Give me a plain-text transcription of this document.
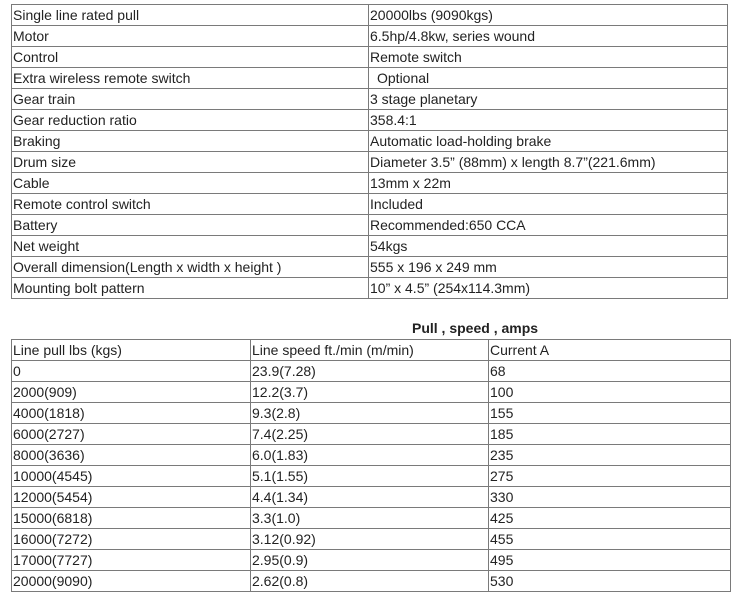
Single line rated pull	20000lbs (9090kgs)
Motor	6.5hp/4.8kw, series wound
Control	Remote switch
Extra wireless remote switch	Optional
Gear train	3 stage planetary
Gear reduction ratio	358.4:1
Braking	Automatic load-holding brake
Drum size	Diameter 3.5” (88mm) x length 8.7”(221.6mm)
Cable	13mm x 22m
Remote control switch	Included
Battery	Recommended:650 CCA
Net weight	54kgs
Overall dimension(Length x width x height )	555 x 196 x 249 mm
Mounting bolt pattern	10” x 4.5” (254x114.3mm)
Pull , speed , amps
Line pull lbs (kgs)	Line speed ft./min (m/min)	Current A
0	23.9(7.28)	68
2000(909)	12.2(3.7)	100
4000(1818)	9.3(2.8)	155
6000(2727)	7.4(2.25)	185
8000(3636)	6.0(1.83)	235
10000(4545)	5.1(1.55)	275
12000(5454)	4.4(1.34)	330
15000(6818)	3.3(1.0)	425
16000(7272)	3.12(0.92)	455
17000(7727)	2.95(0.9)	495
20000(9090)	2.62(0.8)	530
